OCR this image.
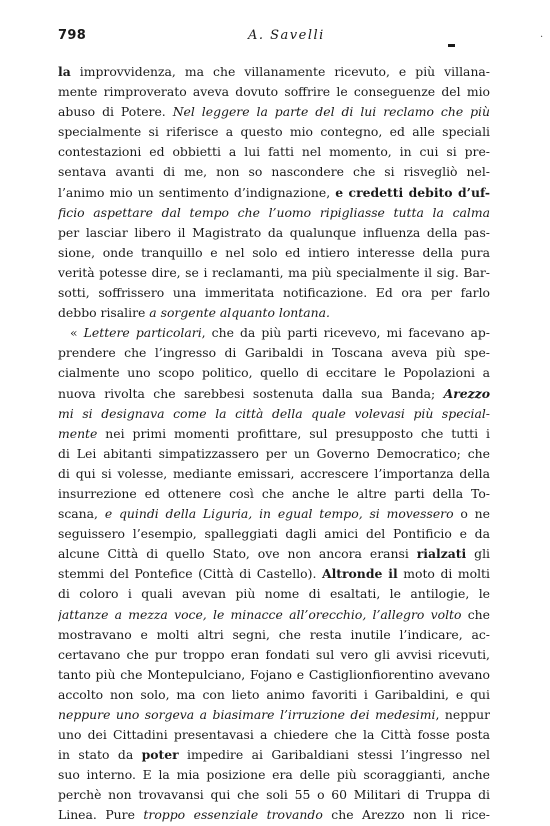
798	A. Savelli	·
la improvvidenza, ma che villanamente ricevuto, e più villana-
mente rimproverato aveva dovuto soffrire le conseguenze del mio
abuso di Potere. Nel leggere la parte del di lui reclamo che più
specialmente si riferisce a questo mio contegno, ed alle speciali
contestazioni ed obbietti a lui fatti nel momento, in cui si pre-
sentava avanti di me, non so nascondere che si risvegliò nel-
l’animo mio un sentimento d’indignazione, e credetti debito d’uf-
ficio aspettare dal tempo che l’uomo ripigliasse tutta la calma
per lasciar libero il Magistrato da qualunque influenza della pas-
sione, onde tranquillo e nel solo ed intiero interesse della pura
verità potesse dire, se i reclamanti, ma più specialmente il sig. Bar-
sotti, soffrissero una immeritata notificazione. Ed ora per farlo
debbo risalire a sorgente alquanto lontana.
« Lettere particolari, che da più parti ricevevo, mi facevano ap-
prendere che l’ingresso di Garibaldi in Toscana aveva più spe-
cialmente uno scopo politico, quello di eccitare le Popolazioni a
nuova rivolta che sarebbesi sostenuta dalla sua Banda; Arezzo
mi si designava come la città della quale volevasi più special-
mente nei primi momenti profittare, sul presupposto che tutti i
di Lei abitanti simpatizzassero per un Governo Democratico; che
di qui si volesse, mediante emissari, accrescere l’importanza della
insurrezione ed ottenere così che anche le altre parti della To-
scana, e quindi della Liguria, in egual tempo, si movessero o ne
seguissero l’esempio, spalleggiati dagli amici del Pontificio e da
alcune Città di quello Stato, ove non ancora eransi rialzati gli
stemmi del Pontefice (Città di Castello). Altronde il moto di molti
di coloro i quali avevan più nome di esaltati, le antilogie, le
jattanze a mezza voce, le minacce all’orecchio, l’allegro volto che
mostravano e molti altri segni, che resta inutile l’indicare, ac-
certavano che pur troppo eran fondati sul vero gli avvisi ricevuti,
tanto più che Montepulciano, Fojano e Castiglionfiorentino avevano
accolto non solo, ma con lieto animo favoriti i Garibaldini, e qui
neppure uno sorgeva a biasimare l’irruzione dei medesimi, neppur
uno dei Cittadini presentavasi a chiedere che la Città fosse posta
in stato da poter impedire ai Garibaldiani stessi l’ingresso nel
suo interno. E la mia posizione era delle più scoraggianti, anche
perchè non trovavansi qui che soli 55 o 60 Militari di Truppa di
Linea. Pure troppo essenziale trovando che Arezzo non li rice-
